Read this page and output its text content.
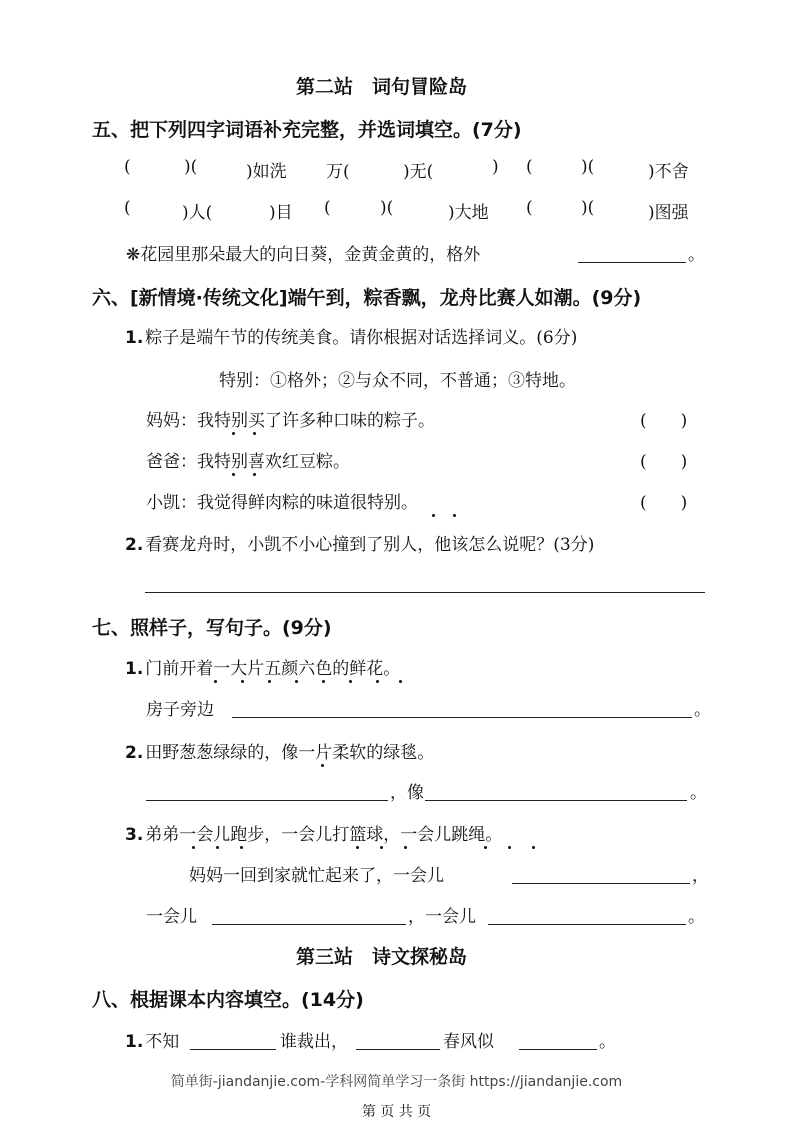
第二站　词句冒险岛
五、把下列四字词语补充完整，并选词填空。(7分)
(	)(	)如洗 万(	)无(	) (	)(	)不舍
(	)人(	)目 (	)(	)大地 (	)(	)图强
❋花园里那朵最大的向日葵，金黄金黄的，格外	。
六、[新情境·传统文化]端午到，粽香飘，龙舟比赛人如潮。(9分)
1. 粽子是端午节的传统美食。请你根据对话选择词义。(6分)
特别：①格外；②与众不同，不普通；③特地。
妈妈：我特别买了许多种口味的粽子。	(　　)
爸爸：我特别喜欢红豆粽。	(　　)
小凯：我觉得鲜肉粽的味道很特别。	(　　)
2. 看赛龙舟时，小凯不小心撞到了别人，他该怎么说呢？(3分)
七、照样子，写句子。(9分)
1. 门前开着一大片五颜六色的鲜花。
房子旁边	。
2. 田野葱葱绿绿的，像一片柔软的绿毯。
，像	。
3. 弟弟一会儿跑步，一会儿打篮球，一会儿跳绳。
妈妈一回到家就忙起来了，一会儿	，
一会儿	，一会儿	。
第三站　诗文探秘岛
八、根据课本内容填空。(14分)
1. 不知	谁裁出，	春风似	。
简单街-jiandanjie.com-学科网简单学习一条街 https://jiandanjie.com
第 页 共 页
